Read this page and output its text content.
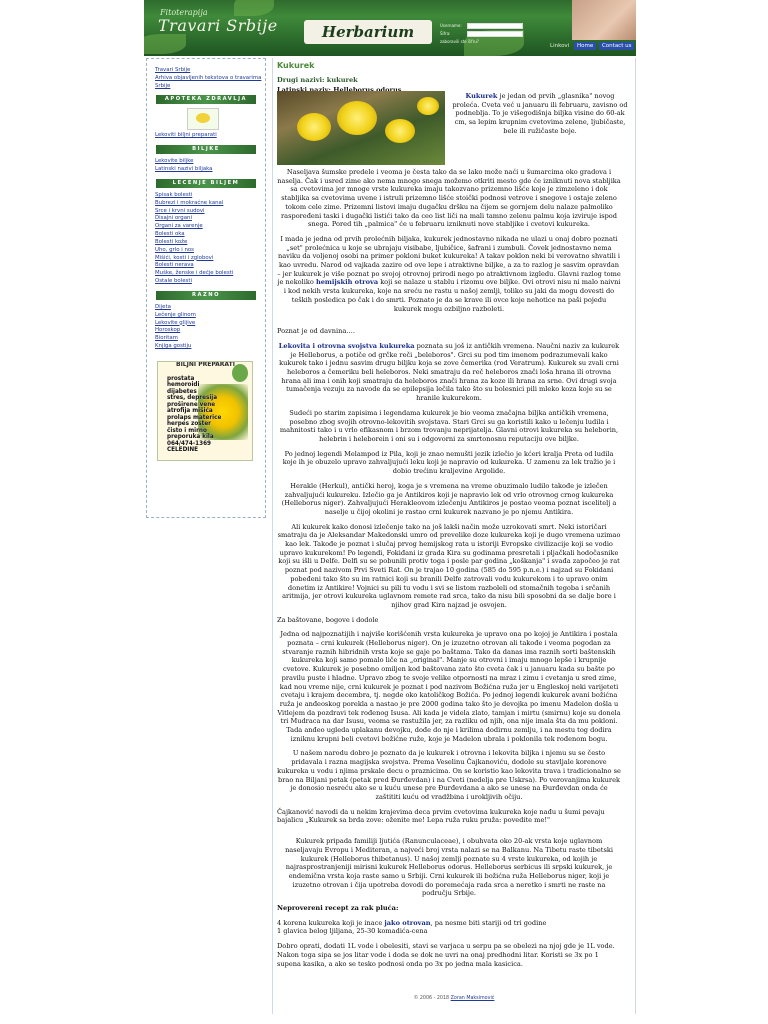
Fitoterapija
Travari Srbije	Herbarium	Username:
Šifra:
zaboravili ste šifru?
Linkovi Home Contact us
Travari Srbije
Arhiva objavljenih tekstova o travarima Srbije
APOTEKA ZDRAVLJA
Lekoviti biljni preparati
BILJKE
Lekovite biljke
Latinski nazivi biljaka
LECENJE BILJEM
Spisak bolesti
Bubrezi i mokraćne kanal
Srce i krvni sudovi
Disajni organi
Organi za varenje
Bolesti oka
Bolesti kože
Uho, grlo i nos
Mišići, kosti i zglobovi
Bolesti nerava
Muške, ženske i dečje bolesti
Ostale bolesti
RAZNO
Dijeta
Lečenje glinom
Lekovite glijive
Horoskop
Bioritam
Knjiga gostiju
BILJNI PREPARATI
prostata
hemoroidi
dijabetes
stres, depresija
proširene vene
atrofija mišića
prolaps materice
herpes zoster
čisto i mirno
preporuka kila
064/474-1369
CELEDINE
Kukurek
Drugi nazivi: kukurek
Kukurek je jedan od prvih „glasnika" novog proleća. Cveta već u januaru ili februaru, zavisno od podneblja. To je višegodišnja biljka visine do 60-ak cm, sa lepim krupnim cvetovima zelene, ljubičaste, bele ili ružičaste boje.

Naseljava šumske predele i veoma je česta tako da se lako može naći u šumarcima oko gradova i naselja. Čak i usred zime ako nema mnogo snega možemo otkriti mesto gde će izniknuti nova stabljika sa cvetovima jer mnoge vrste kukureka imaju takozvano prizemno lišće koje je zimzeleno i dok stabljika sa cvetovima uvene i istruli prizemno lišće stoički podnosi vetrove i snegove i ostaje zeleno tokom cele zime. Prizemni listovi imaju dugačku dršku na čijem se gornjem delu nalaze palmolikо raspoređeni taski i dugački listići tako da ceo list liči na mali tamno zelenu palmu koja izviruje ispod snega. Pored tih „palmica" će u februaru izniknuti nove stabljike i cvetovi kukureka.

I mada je jedna od prvih prolećnih biljaka, kukurek jednostavno nikada ne ulazi u onaj dobro poznati „set" prolećnica u koje se ubrajaju visibabe, ljubičice, šafrani i zumbuli. Čovek jednostavno nema naviku da voljenoj osobi na primer poklonі buket kukureka! A takav poklon neki bi verovatno shvatili i kao uvredu. Narod od vajkada zazire od ove lepe i atraktivne biljke, a za to razlog je sasvim opravdan – jer kukurek je više poznat po svojoj otrovnoj prirodi nego po atraktivnom izgledu. Glavni razlog tome je nekoliko hemijskih otrova koji se nalaze u stablu i rizomu ove biljke. Ovi otrovi nisu ni malo naivni i kod nekih vrsta kukureka, koje na sreću ne rastu u našoj zemlji, toliko su jaki da mogu dovesti do teških posledica po čak i do smrti. Poznato je da se krave ili ovce koje nehotice na paši pojedu kukurek mogu ozbiljno razboleti.

Poznat je od davnina….

Lekovita i otrovna svojstva kukureka poznata su još iz antičkih vremena. Naučni naziv za kukurek je Helleborus, a potiče od grčke reči „beleboros". Grci su pod tim imenom podrazumevali kako kukurek tako i jednu sasvim drugu biljku koja se zove čemerika (rod Veratrum). Kukurek su zvali crni heleboros a čemeriku beli heleboros. Neki smatraju da reč heleboros znači loša hrana ili otrovna hrana ali ima i onih koji smatraju da heleboros znači hrana za koze ili hrana za srne. Ovi drugi svoja tumačenja vezuju za navode da se epilepsija lečila tako što su bolesnici pili mleko koza koje su se hranile kukurekom.

Sudeći po starim zapisima i legendama kukurek je bio veoma značajna biljka antičkih vremena, posebno zbog svojih otrovno-lekovitih svojstava. Stari Grci su ga koristili kako u lečenju ludila i mahnitosti tako i u vrlo efikasnom i brzom trovanju neprijatelja. Glavni otrovi kukureka su heleborin, helebrin i heleborein i oni su i odgovorni za smrtonosnu reputaciju ove biljke.

Po jednoj legendi Melampod iz Pila, koji je znao nemušti jezik izlečio je kćeri kralja Preta od ludila koje ih je obuzelo upravo zahvaljujući leku koji je napravio od kukureka. U zamenu za lek tražio je i dobio trećinu kraljevine Argolide.

Herakle (Herkul), antički heroj, koga je s vremena na vreme obuzimalo ludilo takođe je izlečen zahvaljujući kukureku. Izlečio ga je Antikiros koji je napravio lek od vrlo otrovnog crnog kukureka (Helleborus niger). Zahvaljujući Herakleovom izlečenju Antikiros je postao veoma poznat iscelitelj a naselje u čijoj okolini je rastao crni kukurek nazvano je po njemu Antikira.

Ali kukurek kako donosi izlečenje tako na još lakši način može uzrokovati smrt. Neki istoričari smatraju da je Aleksandar Makedonski umro od prevelike doze kukureka koji je dugo vremena uzimao kao lek. Takođe je poznat i slučaj prvog hemijskog rata u istoriji Evropske civilizacije koji se vodio upravo kukurekom! Po legendi, Fokiđani iz grada Kira su godinama presretali i pljačkali hodočasnike koji su išli u Delfe. Delfi su se pobunili protiv toga i posle par godina „koškanja" i svađa započeo je rat poznat pod nazivom Prvi Sveti Rat. On je trajao 10 godina (585 do 595 p.n.e.) i najzad su Fokidani pobeđeni tako što su im ratnici koji su branili Delfe zatrovali vodu kukurekom i to upravo onim donetim iz Antikire! Vojnici su pili tu vodu i svi se listom razboleli od stomačnih tegoba i srčanih aritmija, jer otrovi kukureka uglavnom remete rad srca, tako da nisu bili sposobni da se dalje bore i njihov grad Kira najzad je osvojen.

Za baštovane, bogove i dodole

Jedna od najpoznatijih i najviše korišćenih vrsta kukureka je upravo ona po kojoj je Antikira i postala poznata – crni kukurek (Helleborus niger). On je izuzetno otrovan ali takođe i veoma pogodan za stvaranje raznih hibridnih vrsta koje se gaje po baštama. Tako da danas ima raznih sorti baštenskih kukureka koji samo pomalo liče na „original". Manje su otrovni i imaju mnogo lepše i krupnije cvetove. Kukurek je posebno omiljen kod baštovana zato što cveta čak i u januaru kada su bašte po pravilu puste i hladne. Upravo zbog te svoje velike otpornosti na mraz i zimu i cvetanja u sred zime, kad nou vreme nije, crni kukurek je poznat i pod nazivom Božićna ruža jer u Engleskoj neki varijeteti cvetaju i krajem decembra, tj. negde oko katoličkog Božića. Po jednoj legendi kukurek avani božićna ruža je anđeoskog porekla a nastao je pre 2000 godina tako što je devojka po imenu Madelon došla u Vitlejem da pozdravi tek rođenog Isusa. Ali kada je videla zlato, tamjan i mirtu (smirnu) koje su donela tri Mudraca na dar Isusu, veoma se rastužila jer, za razliku od njih, ona nije imala šta da mu pokloni. Tada anđeo ugleda uplakanu devojku, dođe do nje i krilima dodirnu zemlju, i na mestu tog dodira izniknu krupni beli cvetovi božićne ruže, koje je Madelon ubrala i poklonila tek rođenom bogu.

U našem narodu dobro je poznato da je kukurek i otrovna i lekovita biljka i njemu su se često pridavala i razna magijska svojstva. Prema Veselinu Čajkanoviću, dodole su stavljale korenove kukureka u vodu i njima prskale decu o praznicima. On se koristio kao lekovita trava i tradicionalno se brao na Biljani petak (petak pred Đurđevdan) i na Cveti (nedelja pre Uskrsa). Po verovanjima kukurek je donosio nesreću ako se u kuću unese pre Đurđevdana a ako se unese na Đurđevdan onda će zaštititi kuću od vradžbina i urokljivih očiju.

Čajkanović navodi da u nekim krajevima deca prvim cvetovima kukureka koje nađu u šumi pevaju bajalicu „Kukurek sa brda zove: oženite me! Lepa ruža ruku pruža: povedite me!"

Kukurek pripada familiji ljutića (Ranunculaceae), i obuhvata oko 20-ak vrsta koje uglavnom naseljavaju Evropu i Mediteran, a najveći broj vrsta nalazi se na Balkanu. Na Tibetu raste tibetski kukurek (Helleborus thibetanus). U našoj zemlji poznate su 4 vrste kukureka, od kojih je najrasprostranjeniji mirisni kukurek Helleborus odorus. Helleborus serbicus ili srpski kukurek, je endemična vrsta koja raste samo u Srbiji. Crni kukurek ili božićna ruža Helleborus niger, koji je izuzetno otrovan i čija upotreba dovodi do poremećaja rada srca a neretko i smrti ne raste na području Srbije.

Neprovereni recept za rak pluća:

4 korena kukureka koji je inace jako otrovan, pa nesme biti stariji od tri godine
1 glavica belog ljiljana, 25-30 komadića-cena

Dobro oprati, dodati 1L vode i obelesiti, stavi se varjaca u serpu pa se obelezi na njoj gde je 1L vode. Nakon toga sipa se jos litar vode i doda se dok ne uvri na onaj predhodni litar. Koristi se 3x po 1 supena kasika, a ako se tesko podnosi onda po 3x po jedna mala kasicica.

© 2006 - 2018 Zoran Maksimović
